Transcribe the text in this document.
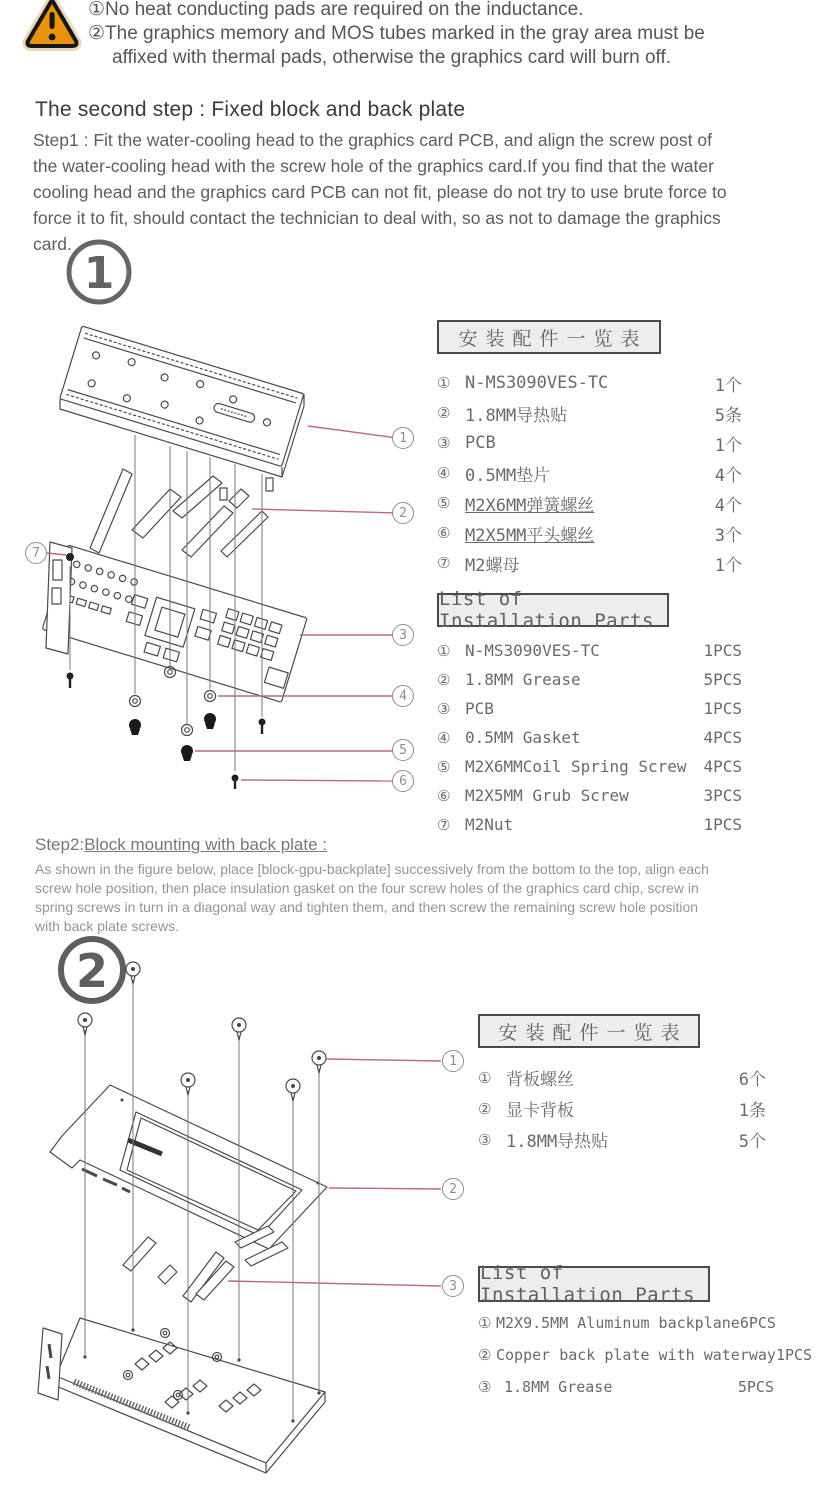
①No heat conducting pads are required on the inductance.
②The graphics memory and MOS tubes marked in the gray area must be
affixed with thermal pads, otherwise the graphics card will burn off.
The second step : Fixed block and back plate
Step1 : Fit the water-cooling head to the graphics card PCB, and align the screw post of the water-cooling head with the screw hole of the graphics card.If you find that the water cooling head and the graphics card PCB can not fit, please do not try to use brute force to force it to fit, should contact the technician to deal with, so as not to damage the graphics card.
1
1
2
3
4
5
6
7
安装配件一览表
① N-MS3090VES-TC	1个
② 1.8MM导热贴	5条
③ PCB	1个
④ 0.5MM垫片	4个
⑤ M2X6MM弹簧螺丝	4个
⑥ M2X5MM平头螺丝	3个
⑦ M2螺母	1个
List of Installation Parts
① N-MS3090VES-TC	1PCS
② 1.8MM Grease	5PCS
③ PCB	1PCS
④ 0.5MM Gasket	4PCS
⑤ M2X6MMCoil Spring Screw 4PCS
⑥ M2X5MM Grub Screw	3PCS
⑦ M2Nut	1PCS
Step2:Block mounting with back plate :
As shown in the figure below, place [block-gpu-backplate] successively from the bottom to the top, align each screw hole position, then place insulation gasket on the four screw holes of the graphics card chip, screw in spring screws in turn in a diagonal way and tighten them, and then screw the remaining screw hole position with back plate screws.
2
1
2
3
安装配件一览表
① 背板螺丝	6个
② 显卡背板	1条
③ 1.8MM导热贴	5个
List of Installation Parts
① M2X9.5MM Aluminum backplane 6PCS
② Copper back plate with waterway 1PCS
③ 1.8MM Grease	5PCS
